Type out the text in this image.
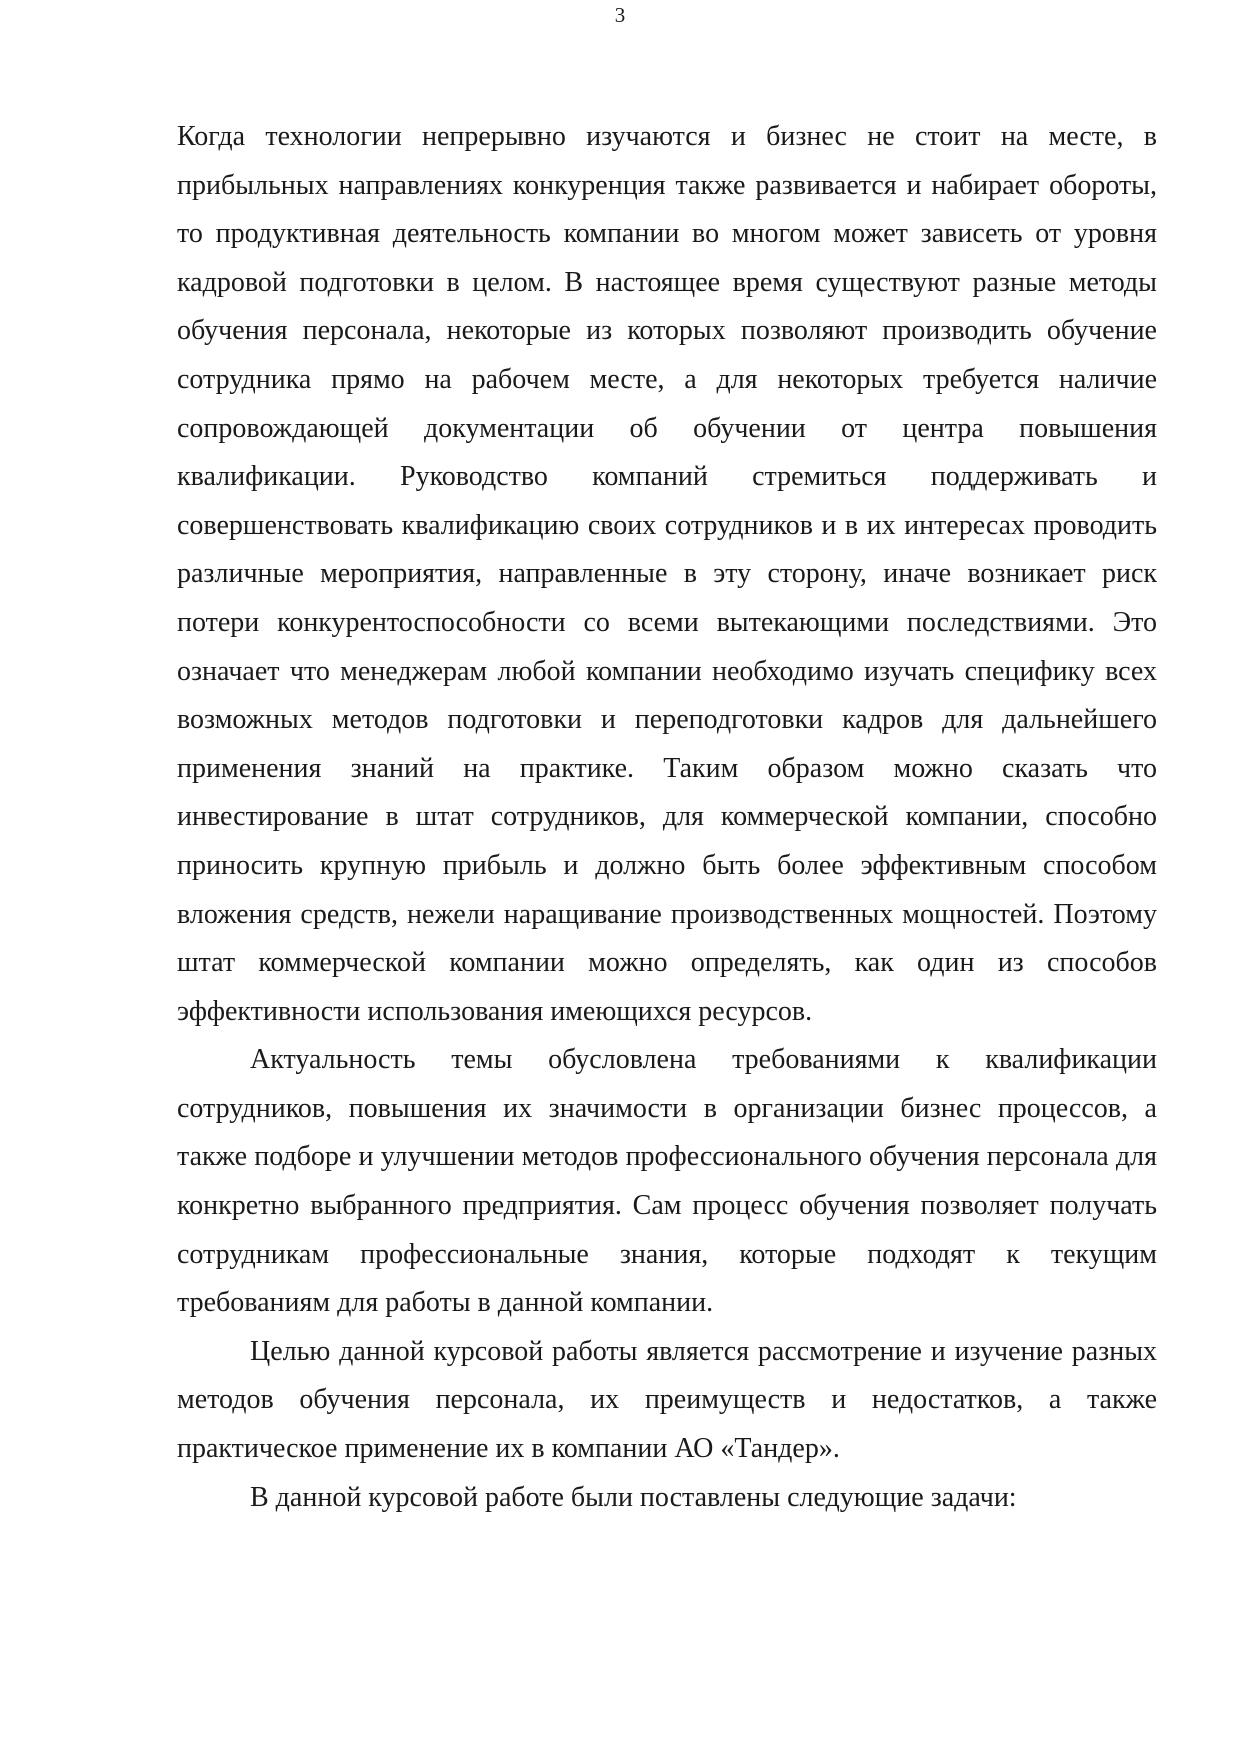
3

Когда технологии непрерывно изучаются и бизнес не стоит на месте, в прибыльных направлениях конкуренция также развивается и набирает обороты, то продуктивная деятельность компании во многом может зависеть от уровня кадровой подготовки в целом. В настоящее время существуют разные методы обучения персонала, некоторые из которых позволяют производить обучение сотрудника прямо на рабочем месте, а для некоторых требуется наличие сопровождающей документации об обучении от центра повышения квалификации. Руководство компаний стремиться поддерживать и совершенствовать квалификацию своих сотрудников и в их интересах проводить различные мероприятия, направленные в эту сторону, иначе возникает риск потери конкурентоспособности со всеми вытекающими последствиями. Это означает что менеджерам любой компании необходимо изучать специфику всех возможных методов подготовки и переподготовки кадров для дальнейшего применения знаний на практике. Таким образом можно сказать что инвестирование в штат сотрудников, для коммерческой компании, способно приносить крупную прибыль и должно быть более эффективным способом вложения средств, нежели наращивание производственных мощностей. Поэтому штат коммерческой компании можно определять, как один из способов эффективности использования имеющихся ресурсов.

Актуальность темы обусловлена требованиями к квалификации сотрудников, повышения их значимости в организации бизнес процессов, а также подборе и улучшении методов профессионального обучения персонала для конкретно выбранного предприятия. Сам процесс обучения позволяет получать сотрудникам профессиональные знания, которые подходят к текущим требованиям для работы в данной компании.

Целью данной курсовой работы является рассмотрение и изучение разных методов обучения персонала, их преимуществ и недостатков, а также практическое применение их в компании АО «Тандер».

В данной курсовой работе были поставлены следующие задачи:
